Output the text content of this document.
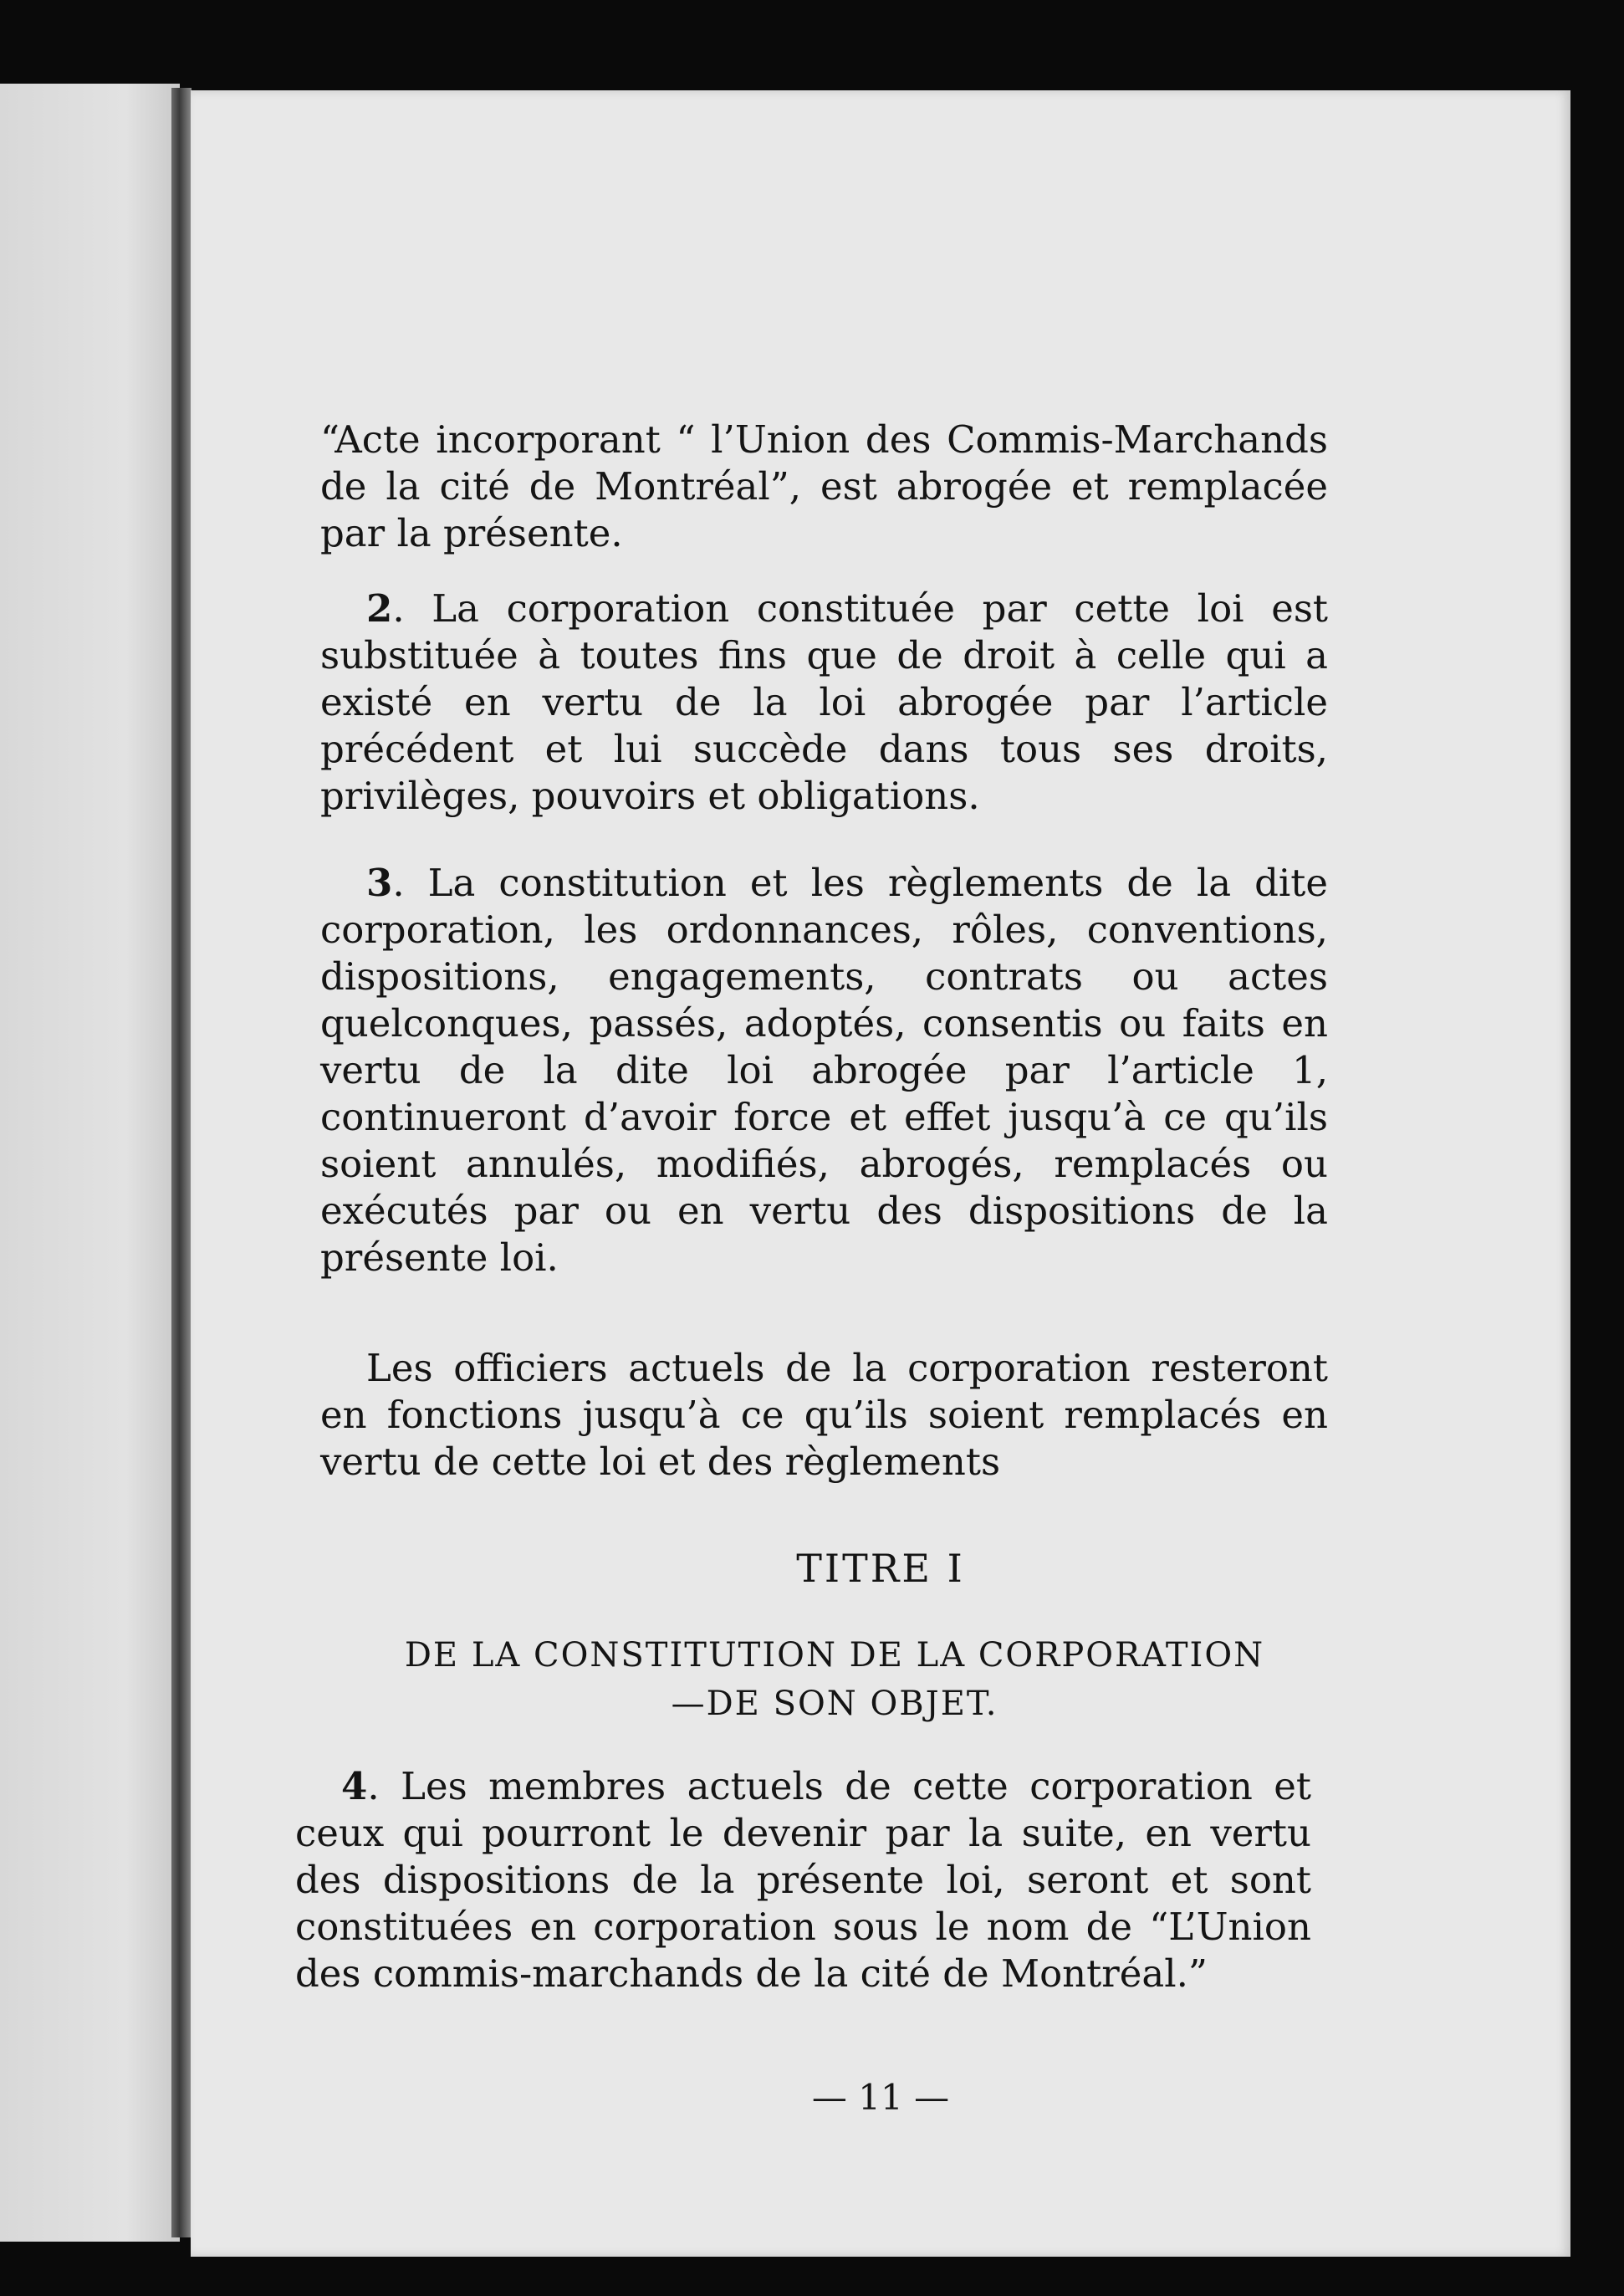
“Acte incorporant “ l’Union des Commis-Marchands de la cité de Montréal”, est abrogée et remplacée par la présente.

2. La corporation constituée par cette loi est substituée à toutes fins que de droit à celle qui a existé en vertu de la loi abrogée par l’article précédent et lui succède dans tous ses droits, privilèges, pouvoirs et obligations.

3. La constitution et les règlements de la dite corporation, les ordonnances, rôles, conventions, dispositions, engagements, contrats ou actes quelconques, passés, adoptés, consentis ou faits en vertu de la dite loi abrogée par l’article 1, continueront d’avoir force et effet jusqu’à ce qu’ils soient annulés, modifiés, abrogés, remplacés ou exécutés par ou en vertu des dispositions de la présente loi.

Les officiers actuels de la corporation resteront en fonctions jusqu’à ce qu’ils soient remplacés en vertu de cette loi et des règlements

TITRE I
DE LA CONSTITUTION DE LA CORPORATION
—DE SON OBJET.

4. Les membres actuels de cette corporation et ceux qui pourront le devenir par la suite, en vertu des dispositions de la présente loi, seront et sont constituées en corporation sous le nom de “L’Union des commis-marchands de la cité de Montréal.”

— 11 —
